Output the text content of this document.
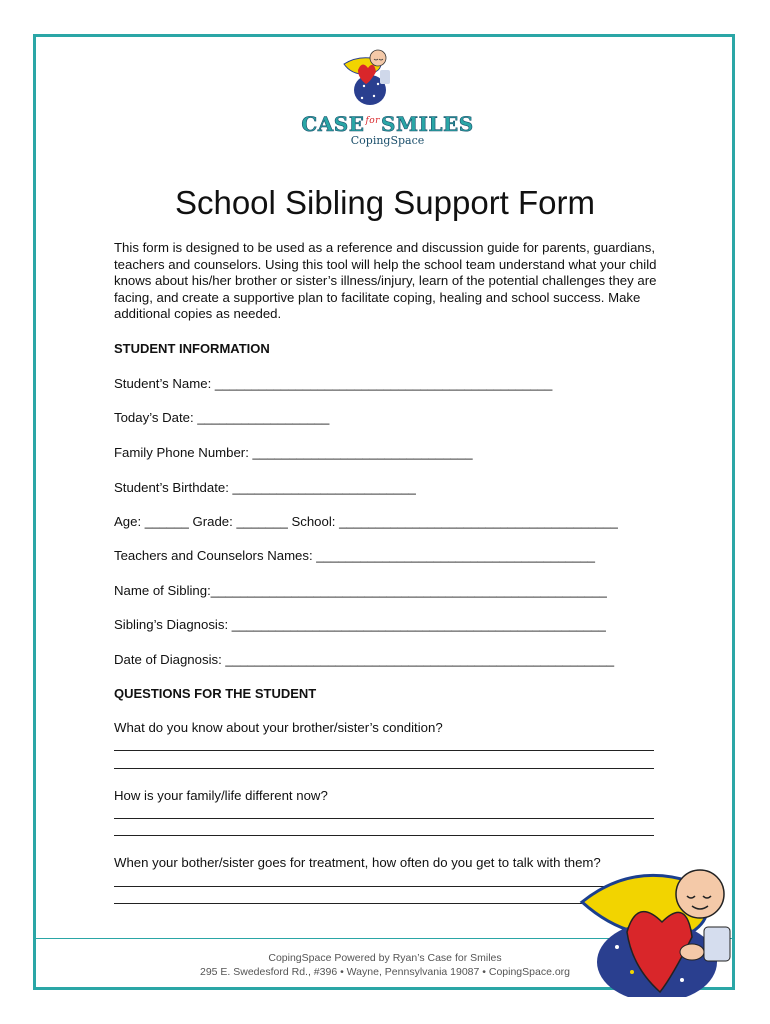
$CASE^{for}SMILES$
CopingSpace
School Sibling Support Form
This form is designed to be used as a reference and discussion guide for parents, guardians, teachers and counselors. Using this tool will help the school team understand what your child knows about his/her brother or sister’s illness/injury, learn of the potential challenges they are facing, and create a supportive plan to facilitate coping, healing and school success. Make additional copies as needed.
STUDENT INFORMATION
Student’s Name: ______________________________________________
Today’s Date: __________________
Family Phone Number: ______________________________
Student’s Birthdate: _________________________
Age: ______ Grade: _______ School: ______________________________________
Teachers and Counselors Names: ______________________________________
Name of Sibling:______________________________________________________
Sibling’s Diagnosis: ___________________________________________________
Date of Diagnosis: _____________________________________________________
QUESTIONS FOR THE STUDENT
What do you know about your brother/sister’s condition?
How is your family/life different now?
When your bother/sister goes for treatment, how often do you get to talk with them?
CopingSpace Powered by Ryan’s Case for Smiles
295 E. Swedesford Rd., #396 • Wayne, Pennsylvania 19087 • CopingSpace.org
